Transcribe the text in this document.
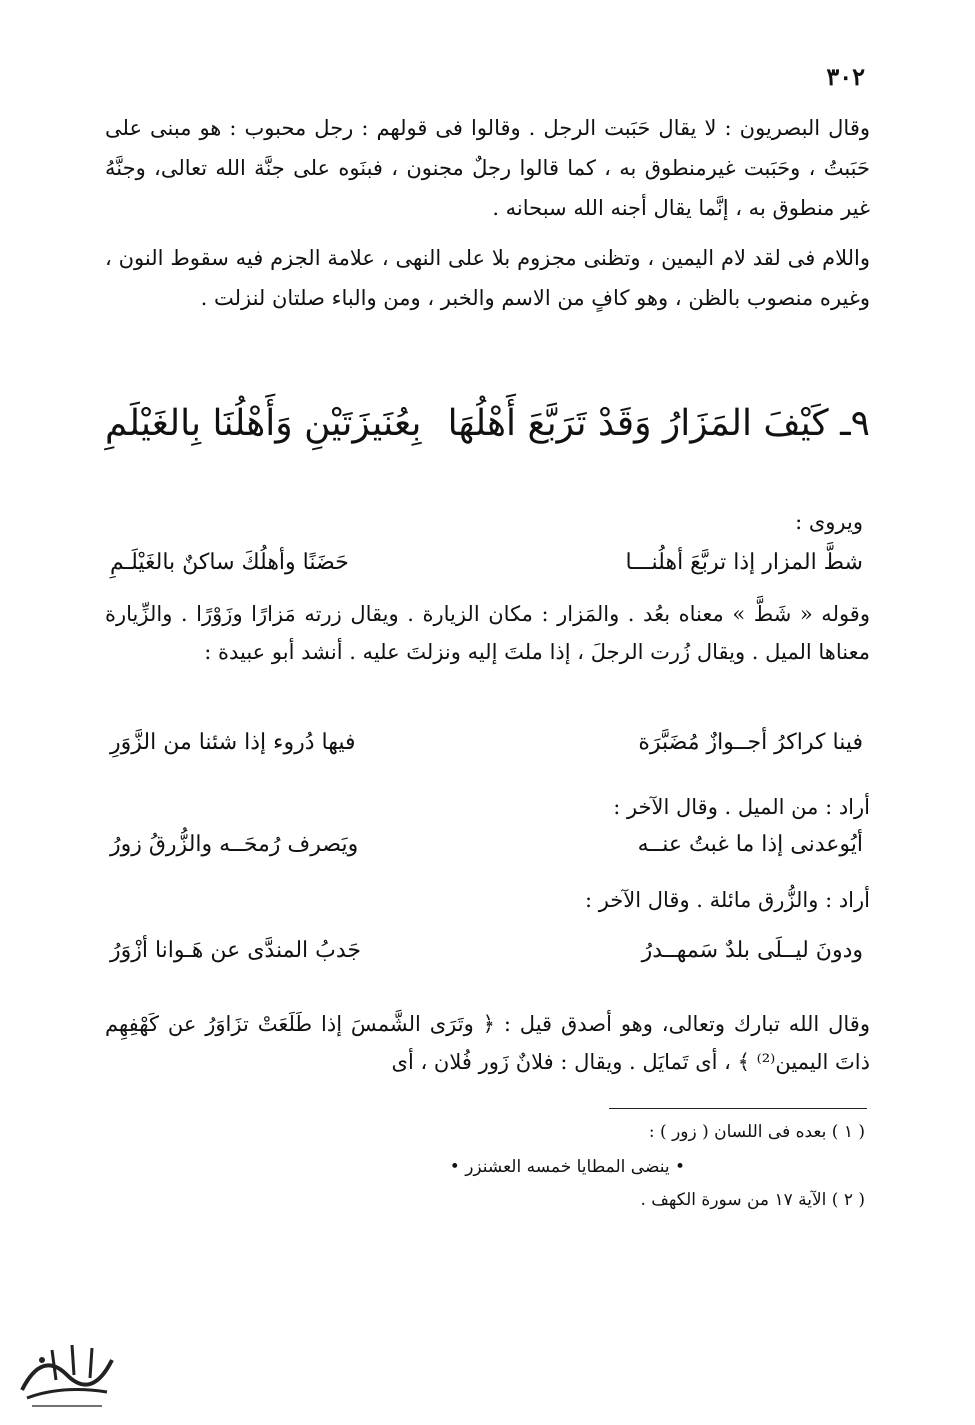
٣٠٢
وقال البصريون : لا يقال حَبَبت الرجل . وقالوا فى قولهم : رجل محبوب : هو مبنى على حَبَبتُ ، وحَبَبت غيرمنطوق به ، كما قالوا رجلٌ مجنون ، فبنَوه على جنَّة الله تعالى، وجنَّهُ غير منطوق به ، إنَّما يقال أجنه الله سبحانه .
واللام فى لقد لام اليمين ، وتظنى مجزوم بلا على النهى ، علامة الجزم فيه سقوط النون ، وغيره منصوب بالظن ، وهو كافٍ من الاسم والخبر ، ومن والباء صلتان لنزلت .
٩ـ كَيْفَ المَزَارُ وَقَدْ تَرَبَّعَ أَهْلُهَا
بِعُنَيزَتَيْنِ وَأَهْلُنَا بِالغَيْلَمِ
ويروى :
شطَّ المزار إذا تربَّعَ أهلُنـــا
حَضَنًا وأهلُكَ ساكنٌ بالغَيْلَـمِ
وقوله « شَطَّ » معناه بعُد . والمَزار : مكان الزيارة . ويقال زرته مَزارًا وزَوْرًا . والزِّيارة معناها الميل . ويقال زُرت الرجلَ ، إذا ملتَ إليه ونزلتَ عليه . أنشد أبو عبيدة :
فينا كراكرُ أجــوازٌ مُضَبَّرَة
فيها دُروء إذا شئنا من الزَّوَرِ
أراد : من الميل . وقال الآخر :
أيُوعدنى إذا ما غبتُ عنــه
ويَصرف رُمحَــه والزُّرقُ زورُ
أراد : والزُّرق مائلة . وقال الآخر :
ودونَ ليــلَى بلدٌ سَمهــدرُ
جَدبُ المندَّى عن هَـوانا أزْوَرُ
وقال الله تبارك وتعالى، وهو أصدق قيل : ﴿ وتَرَى الشَّمسَ إذا طَلَعَتْ تزَاوَرُ عن كَهْفِهِم ذاتَ اليمين⁽²⁾ ﴾ ، أى تَمايَل . ويقال : فلانٌ زَور فُلان ، أى
( ١ ) بعده فى اللسان ( زور ) :
• ينضى المطايا خمسه العشنزر •
( ٢ ) الآية ١٧ من سورة الكهف .
